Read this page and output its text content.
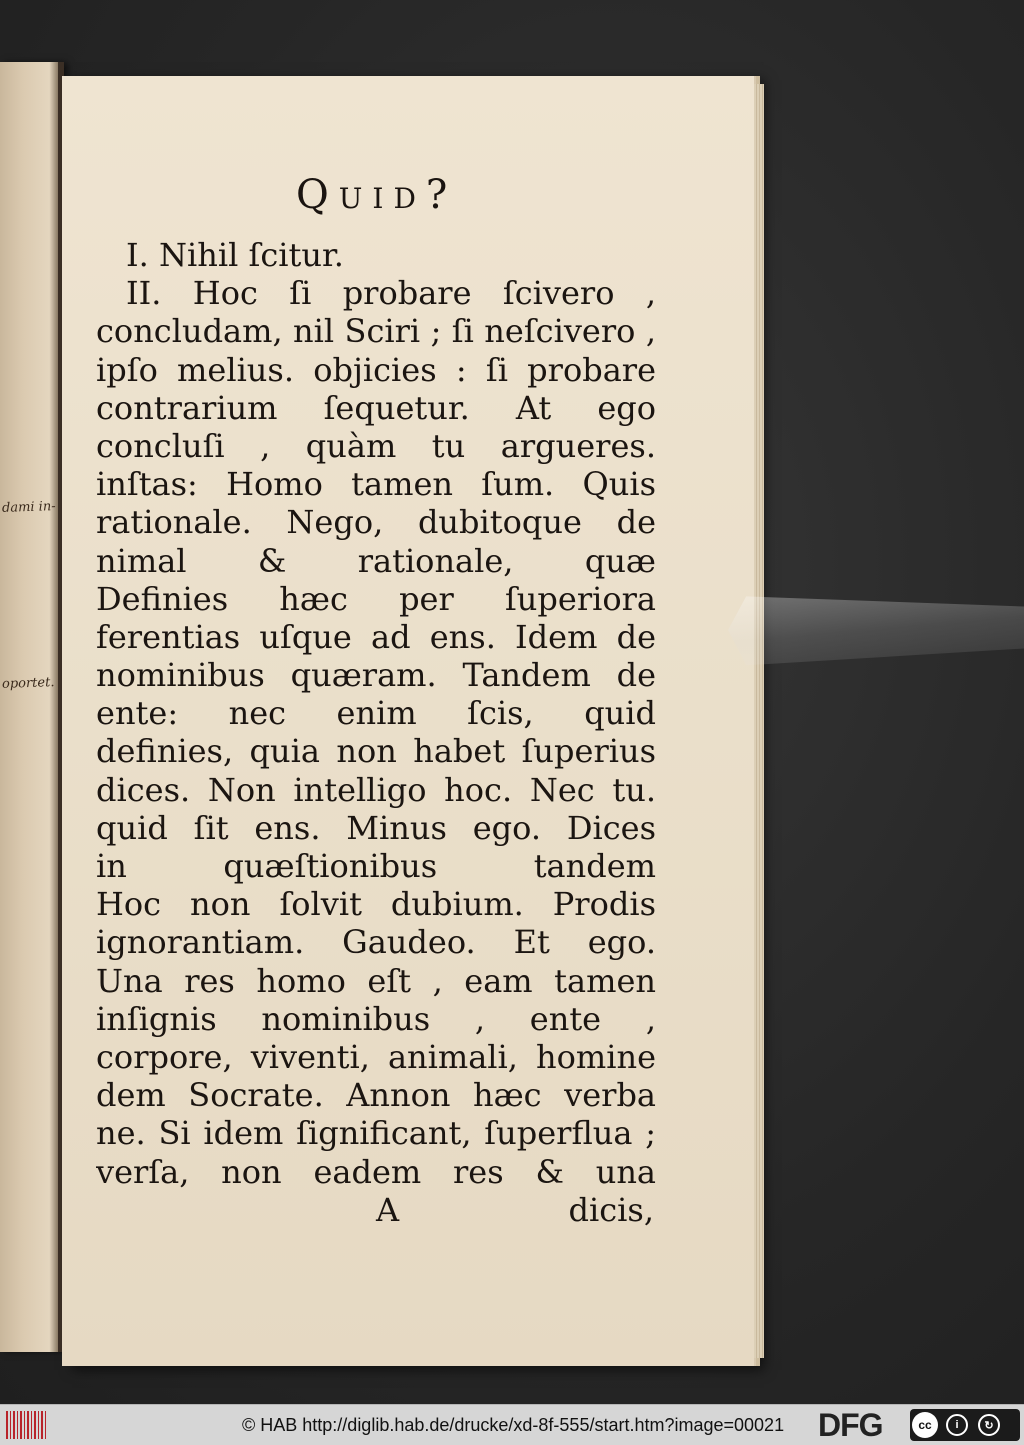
dami in-
oportet.
Quid?
I. Nihil ſcitur.
II. Hoc ſi probare ſcivero ,
concludam, nil Sciri ; ſi neſcivero ,
ipſo melius. objicies : ſi probare
contrarium ſequetur. At ego
concluſi , quàm tu argueres.
inſtas: Homo tamen ſum. Quis
rationale. Nego, dubitoque de
nimal & rationale, quæ
Definies hæc per ſuperiora
ferentias uſque ad ens. Idem de
nominibus quæram. Tandem de
ente: nec enim ſcis, quid
definies, quia non habet ſuperius
dices. Non intelligo hoc. Nec tu.
quid ſit ens. Minus ego. Dices
in quæſtionibus tandem
Hoc non ſolvit dubium. Prodis
ignorantiam. Gaudeo. Et ego.
Una res homo eſt , eam tamen
inſignis nominibus , ente ,
corpore, viventi, animali, homine
dem Socrate. Annon hæc verba
ne. Si idem ſignificant, ſuperflua ;
verſa, non eadem res & una
A	dicis,
© HAB http://diglib.hab.de/drucke/xd-8f-555/start.htm?image=00021 DFG	cc	i	↻
